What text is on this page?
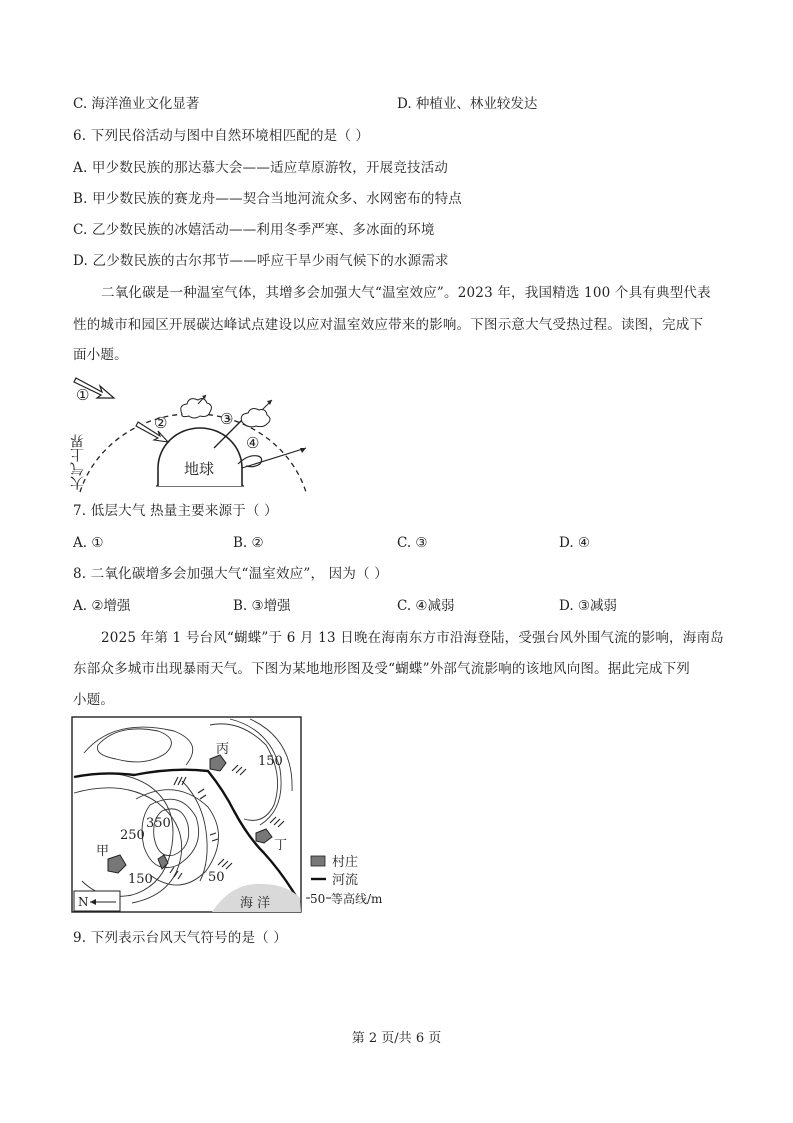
C. 海洋渔业文化显著	D. 种植业、林业较发达
6. 下列民俗活动与图中自然环境相匹配的是（ ）
A. 甲少数民族的那达慕大会——适应草原游牧，开展竞技活动
B. 甲少数民族的赛龙舟——契合当地河流众多、水网密布的特点
C. 乙少数民族的冰嬉活动——利用冬季严寒、多冰面的环境
D. 乙少数民族的古尔邦节——呼应干旱少雨气候下的水源需求
二氧化碳是一种温室气体，其增多会加强大气“温室效应”。2023 年，我国精选 100 个具有典型代表
性的城市和园区开展碳达峰试点建设以应对温室效应带来的影响。下图示意大气受热过程。读图，完成下
面小题。
地球
大气上界
①
②	③
④
7. 低层大气 热量主要来源于（ ）
A. ①	B. ②	C. ③	D. ④
8. 二氧化碳增多会加强大气“温室效应”， 因为（ ）
A. ②增强	B. ③增强	C. ④减弱	D. ③减弱
2025 年第 1 号台风“蝴蝶”于 6 月 13 日晚在海南东方市沿海登陆，受强台风外围气流的影响，海南岛
东部众多城市出现暴雨天气。下图为某地地形图及受“蝴蝶”外部气流影响的该地风向图。据此完成下列
小题。
海 洋
丙
甲	丁
150
250
350
150	50
N
村庄
河流
50 等高线/m
9. 下列表示台风天气符号的是（ ）
第 2 页/共 6 页
